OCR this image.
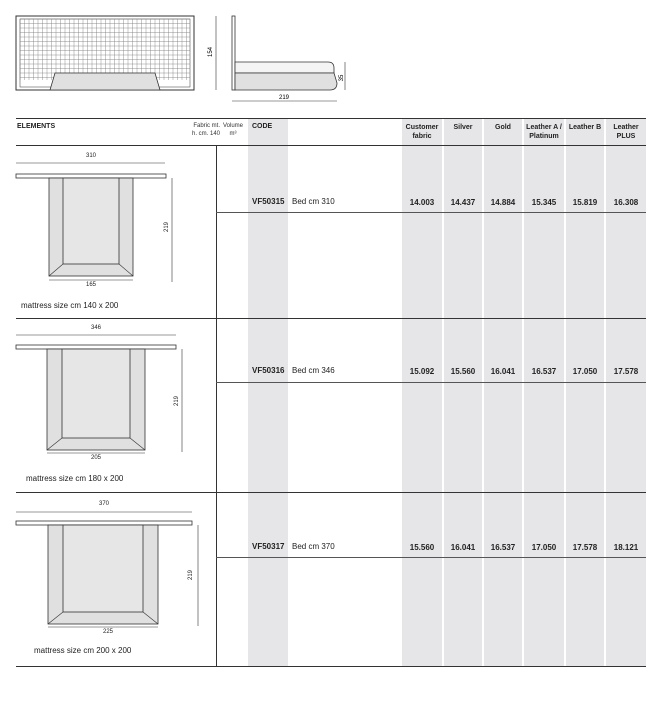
154
35
219
ELEMENTS	Fabric mt.
h. cm. 140
Volume
m³
CODE	Customer
fabric
Silver	Gold	Leather A /
Platinum
Leather B	Leather
PLUS
310
219
165
mattress size cm 140 x 200
VF50315 Bed cm 310	14.003	14.437	14.884	15.345	15.819	16.308
346
219
205
mattress size cm 180 x 200
VF50316 Bed cm 346	15.092	15.560	16.041	16.537	17.050	17.578
370
219
225
mattress size cm 200 x 200
VF50317 Bed cm 370	15.560	16.041	16.537	17.050	17.578	18.121
